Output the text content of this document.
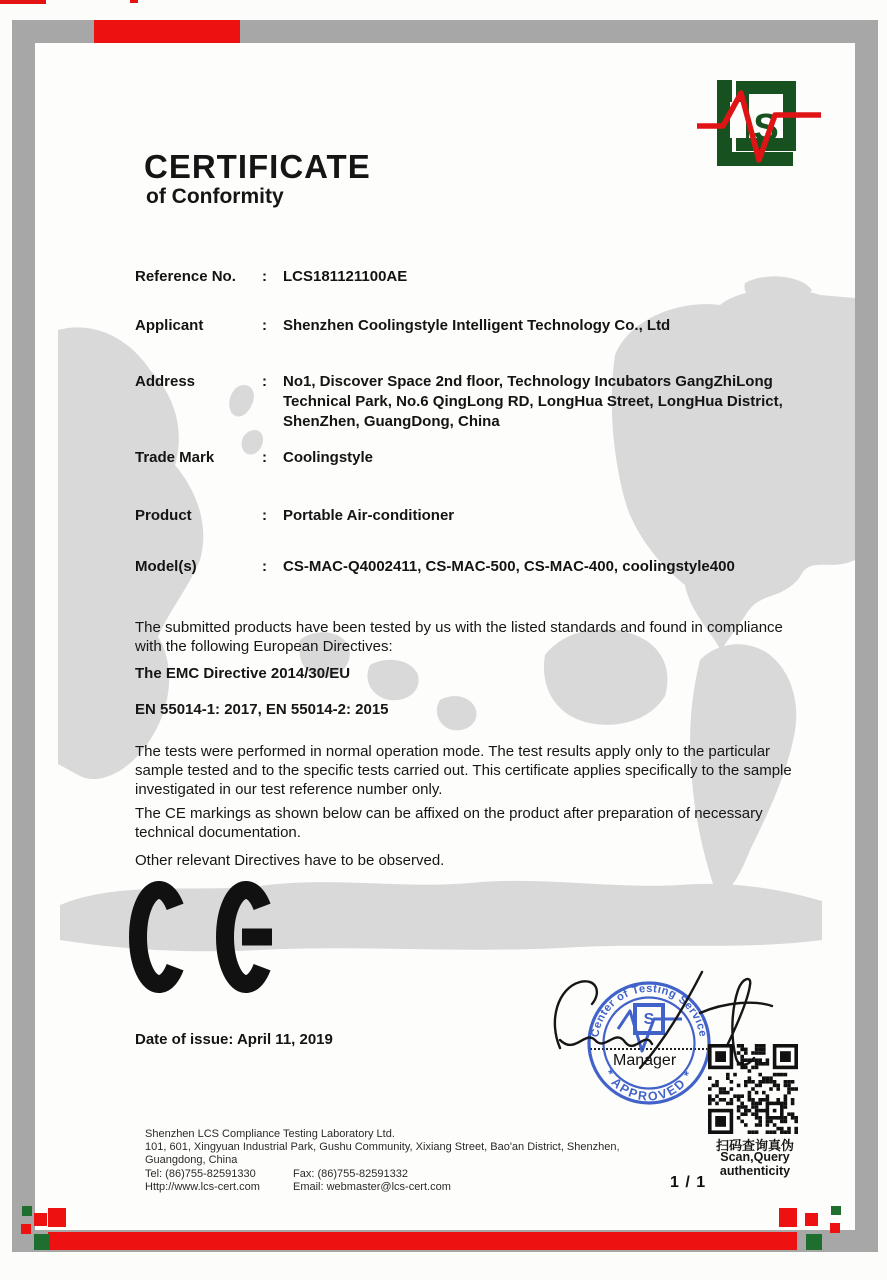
S
CERTIFICATE
of Conformity
Reference No.	:	LCS181121100AE
Applicant	:	Shenzhen Coolingstyle Intelligent Technology Co., Ltd
Address	:	No1, Discover Space 2nd floor, Technology Incubators GangZhiLong Technical Park, No.6 QingLong RD, LongHua Street, LongHua District, ShenZhen, GuangDong, China
Trade Mark	:	Coolingstyle
Product	:	Portable Air-conditioner
Model(s)	:	CS-MAC-Q4002411, CS-MAC-500, CS-MAC-400, coolingstyle400
The submitted products have been tested by us with the listed standards and found in compliance with the following European Directives:
The EMC Directive 2014/30/EU
EN 55014-1: 2017, EN 55014-2: 2015
The tests were performed in normal operation mode. The test results apply only to the particular sample tested and to the specific tests carried out. This certificate applies specifically to the sample investigated in our test reference number only.
The CE markings as shown below can be affixed on the product after preparation of necessary technical documentation.
Other relevant Directives have to be observed.
Date of issue: April 11, 2019
Manager
Center of Testing Service
* APPROVED *
S
扫码查询真伪
Scan,Query authenticity
Shenzhen LCS Compliance Testing Laboratory Ltd.
101, 601, Xingyuan Industrial Park, Gushu Community, Xixiang Street, Bao'an District, Shenzhen,
Guangdong, China
Tel: (86)755-82591330	Fax: (86)755-82591332
Http://www.lcs-cert.com	Email: webmaster@lcs-cert.com	1 / 1
